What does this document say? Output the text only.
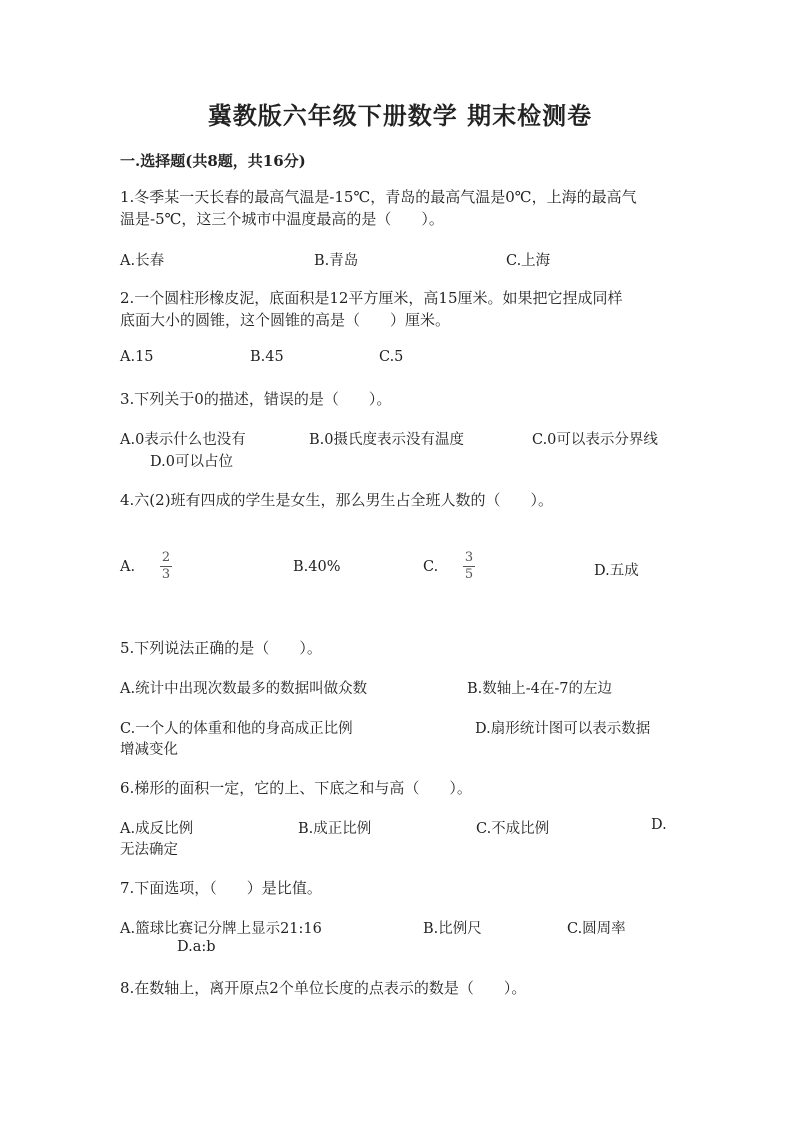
冀教版六年级下册数学 期末检测卷
一.选择题(共8题，共16分)
1.冬季某一天长春的最高气温是-15℃，青岛的最高气温是0℃，上海的最高气
温是-5℃，这三个城市中温度最高的是（　　）。
A.长春	B.青岛	C.上海
2.一个圆柱形橡皮泥，底面积是12平方厘米，高15厘米。如果把它捏成同样
底面大小的圆锥，这个圆锥的高是（　　）厘米。
A.15	B.45	C.5
3.下列关于0的描述，错误的是（　　）。
A.0表示什么也没有	B.0摄氏度表示没有温度	C.0可以表示分界线
D.0可以占位
4.六(2)班有四成的学生是女生，那么男生占全班人数的（　　）。
A.
2
3	B.40%	C.
3
5	D.五成
5.下列说法正确的是（　　）。
A.统计中出现次数最多的数据叫做众数	B.数轴上-4在-7的左边
C.一个人的体重和他的身高成正比例	D.扇形统计图可以表示数据
增减变化
6.梯形的面积一定，它的上、下底之和与高（　　）。
A.成反比例	B.成正比例	C.不成比例	D.
无法确定
7.下面选项，（　　）是比值。
A.篮球比赛记分牌上显示21:16	B.比例尺	C.圆周率
D.a:b
8.在数轴上，离开原点2个单位长度的点表示的数是（　　）。
